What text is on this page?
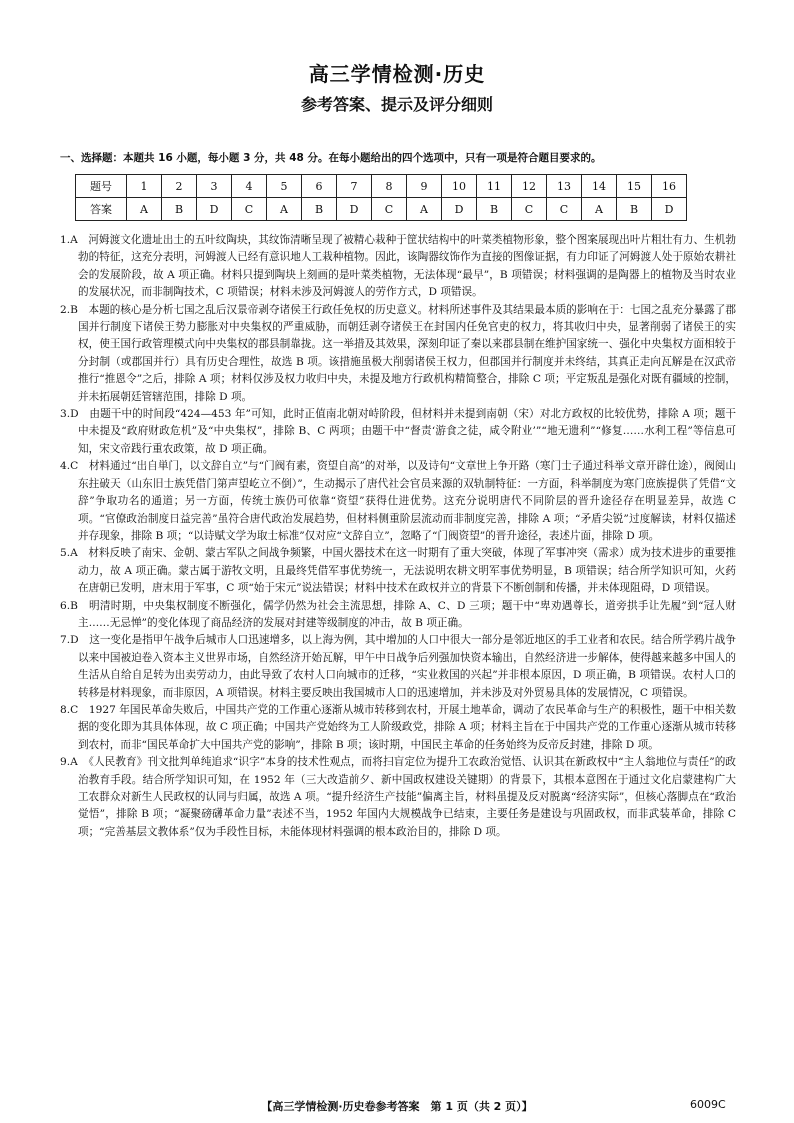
高三学情检测·历史
参考答案、提示及评分细则
一、选择题：本题共 16 小题，每小题 3 分，共 48 分。在每小题给出的四个选项中，只有一项是符合题目要求的。
题号	1	2	3	4	5	6	7	8	9	10	11	12	13	14	15	16
答案	A	B	D	C	A	B	D	C	A	D	B	C	C	A	B	D

1.A　河姆渡文化遗址出土的五叶纹陶块，其纹饰清晰呈现了被精心栽种于筐状结构中的叶菜类植物形象，整个图案展现出叶片粗壮有力、生机勃勃的特征，这充分表明，河姆渡人已经有意识地人工栽种植物。因此，该陶器纹饰作为直接的图像证据，有力印证了河姆渡人处于原始农耕社会的发展阶段，故 A 项正确。材料只提到陶块上刻画的是叶菜类植物，无法体现“最早”，B 项错误；材料强调的是陶器上的植物及当时农业的发展状况，而非制陶技术，C 项错误；材料未涉及河姆渡人的劳作方式，D 项错误。

2.B　本题的核心是分析七国之乱后汉景帝剥夺诸侯王行政任免权的历史意义。材料所述事件及其结果最本质的影响在于：七国之乱充分暴露了郡国并行制度下诸侯王势力膨胀对中央集权的严重威胁，而朝廷剥夺诸侯王在封国内任免官吏的权力，将其收归中央，显著削弱了诸侯王的实权，使王国行政管理模式向中央集权的郡县制靠拢。这一举措及其效果，深刻印证了秦以来郡县制在维护国家统一、强化中央集权方面相较于分封制（或郡国并行）具有历史合理性，故选 B 项。该措施虽极大削弱诸侯王权力，但郡国并行制度并未终结，其真正走向瓦解是在汉武帝推行“推恩令”之后，排除 A 项；材料仅涉及权力收归中央，未提及地方行政机构精简整合，排除 C 项；平定叛乱是强化对既有疆域的控制，并未拓展朝廷管辖范围，排除 D 项。

3.D　由题干中的时间段“424—453 年”可知，此时正值南北朝对峙阶段，但材料并未提到南朝（宋）对北方政权的比较优势，排除 A 项；题干中未提及“政府财政危机”及“中央集权”，排除 B、C 两项；由题干中“督责‘游食之徒，咸令附业’”“地无遗利”“修复……水利工程”等信息可知，宋文帝践行重农政策，故 D 项正确。

4.C　材料通过“出自単门，以文辞自立”与“门阀有素，资望自高”的对举，以及诗句“文章世上争开路（寒门士子通过科举文章开辟仕途），阀阅山东拄破天（山东旧士族凭借门第声望屹立不倒）”，生动揭示了唐代社会官员来源的双轨制特征：一方面，科举制度为寒门庶族提供了凭借“文辞”争取功名的通道；另一方面，传统士族仍可依靠“资望”获得仕进优势。这充分说明唐代不同阶层的晋升途径存在明显差异，故选 C 项。“官僚政治制度日益完善”虽符合唐代政治发展趋势，但材料侧重阶层流动而非制度完善，排除 A 项；“矛盾尖锐”过度解读，材料仅描述并存现象，排除 B 项；“以诗赋文学为取士标准”仅对应“文辞自立”，忽略了“门阀资望”的晋升途径，表述片面，排除 D 项。

5.A　材料反映了南宋、金朝、蒙古军队之间战争频繁，中国火器技术在这一时期有了重大突破，体现了军事冲突（需求）成为技术进步的重要推动力，故 A 项正确。蒙古属于游牧文明，且最终凭借军事优势统一，无法说明农耕文明军事优势明显，B 项错误；结合所学知识可知，火药在唐朝已发明，唐末用于军事，C 项“始于宋元”说法错误；材料中技术在政权并立的背景下不断创制和传播，并未体现阻碍，D 项错误。

6.B　明清时期，中央集权制度不断强化，儒学仍然为社会主流思想，排除 A、C、D 三项；题干中“卑劝遇尊长，道旁拱手让先履”到“冠人财主……无忌惮”的变化体现了商品经济的发展对封建等级制度的冲击，故 B 项正确。

7.D　这一变化是指甲午战争后城市人口迅速增多，以上海为例，其中增加的人口中很大一部分是邻近地区的手工业者和农民。结合所学鸦片战争以来中国被迫卷入资本主义世界市场，自然经济开始瓦解，甲午中日战争后列强加快资本输出，自然经济进一步解体，使得越来越多中国人的生活从自给自足转为出卖劳动力，由此导致了农村人口向城市的迁移，“实业救国的兴起”并非根本原因，D 项正确，B 项错误。农村人口的转移是材料现象，而非原因，A 项错误。材料主要反映出我国城市人口的迅速增加，并未涉及对外贸易具体的发展情况，C 项错误。

8.C　1927 年国民革命失败后，中国共产党的工作重心逐渐从城市转移到农村，开展土地革命，调动了农民革命与生产的积极性，题干中相关数据的变化即为其具体体现，故 C 项正确；中国共产党始终为工人阶级政党，排除 A 项；材料主旨在于中国共产党的工作重心逐渐从城市转移到农村，而非“国民革命扩大中国共产党的影响”，排除 B 项；该时期，中国民主革命的任务始终为反帝反封建，排除 D 项。

9.A　《人民教育》刊文批判单纯追求“识字”本身的技术性观点，而将扫盲定位为提升工农政治觉悟、认识其在新政权中“主人翁地位与责任”的政治教育手段。结合所学知识可知，在 1952 年（三大改造前夕、新中国政权建设关键期）的背景下，其根本意图在于通过文化启蒙建构广大工农群众对新生人民政权的认同与归属，故选 A 项。“提升经济生产技能”偏离主旨，材料虽提及反对脱离“经济实际”，但核心落脚点在“政治觉悟”，排除 B 项；“凝聚磅礴革命力量”表述不当，1952 年国内大规模战争已结束，主要任务是建设与巩固政权，而非武装革命，排除 C 项；“完善基层文教体系”仅为手段性目标，未能体现材料强调的根本政治目的，排除 D 项。

【高三学情检测·历史卷参考答案　第 1 页（共 2 页）】	6009C
